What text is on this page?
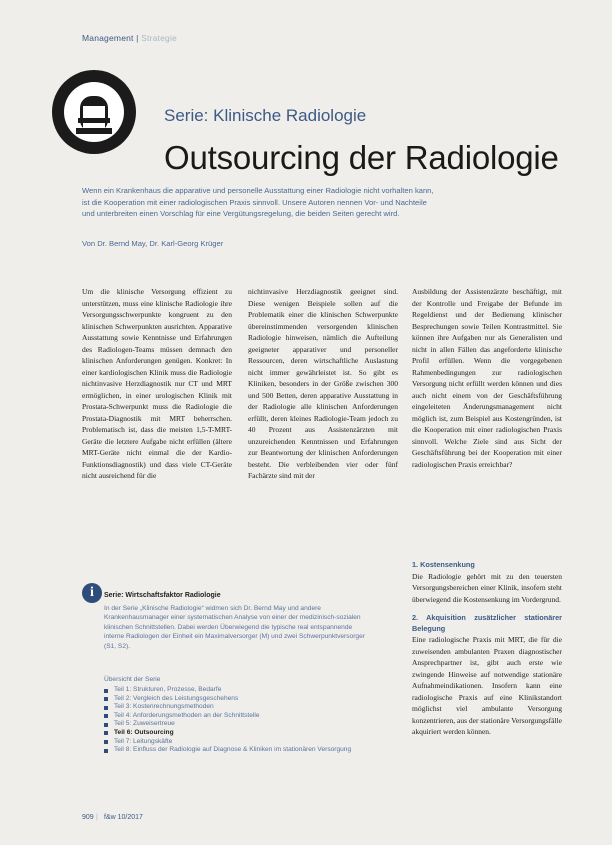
Management | Strategie
Serie: Klinische Radiologie
Outsourcing der Radiologie
Wenn ein Krankenhaus die apparative und personelle Ausstattung einer Radiologie nicht vorhalten kann,
ist die Kooperation mit einer radiologischen Praxis sinnvoll. Unsere Autoren nennen Vor- und Nachteile
und unterbreiten einen Vorschlag für eine Vergütungsregelung, die beiden Seiten gerecht wird.
Von Dr. Bernd May, Dr. Karl-Georg Krüger

Um die klinische Versorgung effizient zu unterstützen, muss eine klinische Radiologie ihre Versorgungsschwerpunkte kongruent zu den klinischen Schwerpunkten ausrichten. Apparative Ausstattung sowie Kenntnisse und Erfahrungen des Radiologen-Teams müssen demnach den klinischen Anforderungen genügen. Konkret: In einer kardiologischen Klinik muss die Radiologie nichtinvasive Herzdiagnostik nur CT und MRT ermöglichen, in einer urologischen Klinik mit Prostata-Schwerpunkt muss die Radiologie die Prostata-Diagnostik mit MRT beherrschen. Problematisch ist, dass die meisten 1,5-T-MRT-Geräte die letztere Aufgabe nicht erfüllen (ältere MRT-Geräte nicht einmal die der Kardio-Funktionsdiagnostik) und dass viele CT-Geräte nicht ausreichend für die

nichtinvasive Herzdiagnostik geeignet sind. Diese wenigen Beispiele sollen auf die Problematik einer die klinischen Schwerpunkte übereinstimmenden versorgenden klinischen Radiologie hinweisen, nämlich die Aufteilung geeigneter apparativer und personeller Ressourcen, deren wirtschaftliche Auslastung nicht immer gewährleistet ist. So gibt es Kliniken, besonders in der Größe zwischen 300 und 500 Betten, deren apparative Ausstattung in der Radiologie alle klinischen Anforderungen erfüllt, deren kleines Radiologie-Team jedoch zu 40 Prozent aus Assistenzärzten mit unzureichenden Kenntnissen und Erfahrungen zur Beantwortung der klinischen Anforderungen besteht. Die verbleibenden vier oder fünf Fachärzte sind mit der

Ausbildung der Assistenzärzte beschäftigt, mit der Kontrolle und Freigabe der Befunde im Regeldienst und der Bedienung klinischer Besprechungen sowie Teilen Kontrastmittel. Sie können ihre Aufgaben nur als Generalisten und nicht in allen Fällen das angeforderte klinische Profil erfüllen. Wenn die vorgegebenen Rahmenbedingungen zur radiologischen Versorgung nicht erfüllt werden können und dies auch nicht einem von der Geschäftsführung eingeleiteten Änderungsmanagement nicht möglich ist, zum Beispiel aus Kostengründen, ist die Kooperation mit einer radiologischen Praxis sinnvoll. Welche Ziele sind aus Sicht der Geschäftsführung bei der Kooperation mit einer radiologischen Praxis erreichbar?

1. Kostensenkung

Die Radiologie gehört mit zu den teuersten Versorgungsbereichen einer Klinik, insofern steht überwiegend die Kostensenkung im Vordergrund.

2. Akquisition zusätzlicher stationärer Belegung

Eine radiologische Praxis mit MRT, die für die zuweisenden ambulanten Praxen diagnostischer Ansprechpartner ist, gibt auch erste wie zwingende Hinweise auf notwendige stationäre Aufnahmeindikationen. Insofern kann eine radiologische Praxis auf eine Klinikstandort möglichst viel ambulante Versorgung konzentrieren, aus der stationäre Versorgungsfälle akquiriert werden können.

i	Serie: Wirtschaftsfaktor Radiologie
In der Serie „Klinische Radiologie“ widmen sich Dr. Bernd May und andere Krankenhausmanager einer systematischen Analyse von einer der medizinisch-sozialen klinischen Schnittstellen. Dabei werden Überwiegend die typische real entspannende interne Radiologen der Einheit ein Maximalversorger (M) und zwei Schwerpunktversorger (S1, S2).
Übersicht der Serie
Teil 1: Strukturen, Prozesse, Bedarfe
Teil 2: Vergleich des Leistungsgeschehens
Teil 3: Kostenrechnungsmethoden
Teil 4: Anforderungsmethoden an der Schnittstelle
Teil 5: Zuweisertreue
Teil 6: Outsourcing
Teil 7: Leitungskäfte
Teil 8: Einfluss der Radiologie auf Diagnose & Kliniken im stationären Versorgung
909 | f&w 10/2017
